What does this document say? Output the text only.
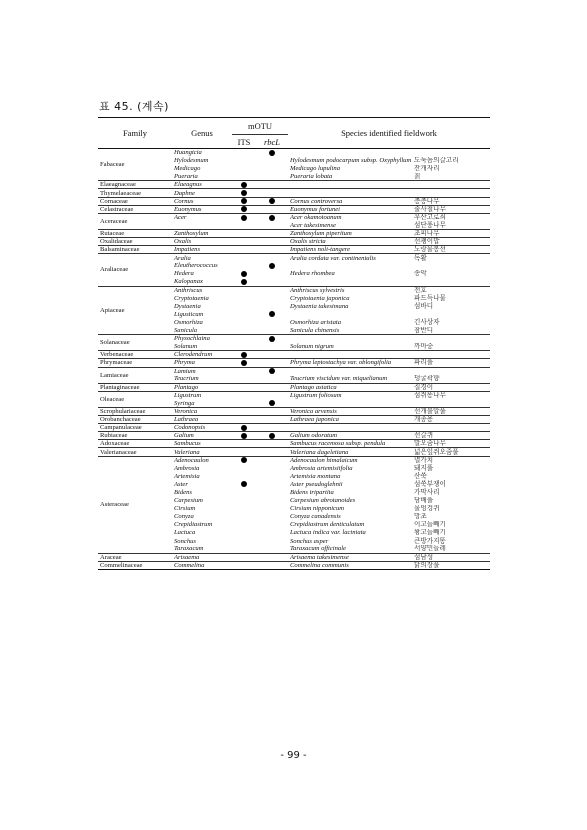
표 45. (계속)
Family	Genus	mOTU		Species identified fieldwork	
		ITS	rbcL		
Fabaceae	Huangtcia				
	Hylodesmum			Hylodesmum podocarpum subsp. Oxyphyllum	도둑놈의갈고리
	Medicago			Medicago lupulina	잔개자리
	Pueraria			Pueraria lobata	칡
Elaeagnaceae	Elaeagnus				
Thymelaeaceae	Daphne				
Cornaceae	Cornus			Cornus controversa	층층나무
Celastraceae	Euonymus			Euonymus fortunei	줄사철나무
Aceraceae	Acer			Acer okamotoanum	우산고로쇠
				Acer takesimense	섬단풍나무
Rutaceae	Zanthoxylum			Zanthoxylum piperitum	초피나무
Oxalidaceae	Oxalis			Oxalis stricta	선괭이밥
Balsaminaceae	Impatiens			Impatiens noli-tangere	노랑물봉선
Araliaceae	Aralia			Aralia cordata var. continentalis	독활
	Eleutherococcus				
	Hedera			Hedera rhombea	송악
	Kalopanax				
Apiaceae	Anthriscus			Anthriscus sylvestris	전호
	Cryptotaenia			Cryptotaenia japonica	파드득나물
	Dystaenia			Dystaenia takesimana	섬바디
	Ligusticum				
	Osmorhiza			Osmorhiza aristata	긴사상자
	Sanicula			Sanicula chinensis	참반디
Solanaceae	Physochlaina				
	Solanum			Solanum nigrum	까마중
Verbenaceae	Clerodendrum				
Phrymaceae	Phryma			Phryma leptostachya var. oblongifolia	파리풀
Lamiaceae	Lamium				
	Teucrium			Teucrium viscidum var. miquelianum	덩굴곽향
Plantaginaceae	Plantago			Plantago asiatica	질경이
Oleaceae	Ligustrum			Ligustrum foliosum	섬쥐똥나무
	Syringa				
Scrophulariaceae	Veronica			Veronica arvensis	선개불알풀
Orobanchaceae	Lathraea			Lathraea japonica	개종용
Campanulaceae	Codonopsis				
Rubiaceae	Galium			Galium odoratum	선갈퀴
Adoxaceae	Sambucus			Sambucus racemosa subsp. pendula	말오줌나무
Valerianaceae	Valeriana			Valeriana dageletiana	넓은잎쥐오줌풀
Asteraceae	Adenocaulon			Adenocaulon himalaicum	멸가치
	Ambrosia			Ambrosia artemisiifolia	돼지풀
	Artemisia			Artemisia montana	산쑥
	Aster			Aster pseudoglehnii	섬쑥부쟁이
	Bidens			Bidens tripartita	가막사리
	Carpesium			Carpesium abrotanoides	담배풀
	Cirsium			Cirsium nipponicum	물엉겅퀴
	Conyza			Conyza canadensis	망초
	Crepidiastrum			Crepidiastrum denticulatum	이고들빼기
	Lactuca			Lactuca indica var. laciniata	왕고들빼기
	Sonchus			Sonchus asper	큰방가지똥
	Taraxacum			Taraxacum officinale	서양민들레
Araceae	Arisaema			Arisaema takesimense	섬남성
Commelinaceae	Commelina			Commelina communis	닭의장풀
- 99 -
